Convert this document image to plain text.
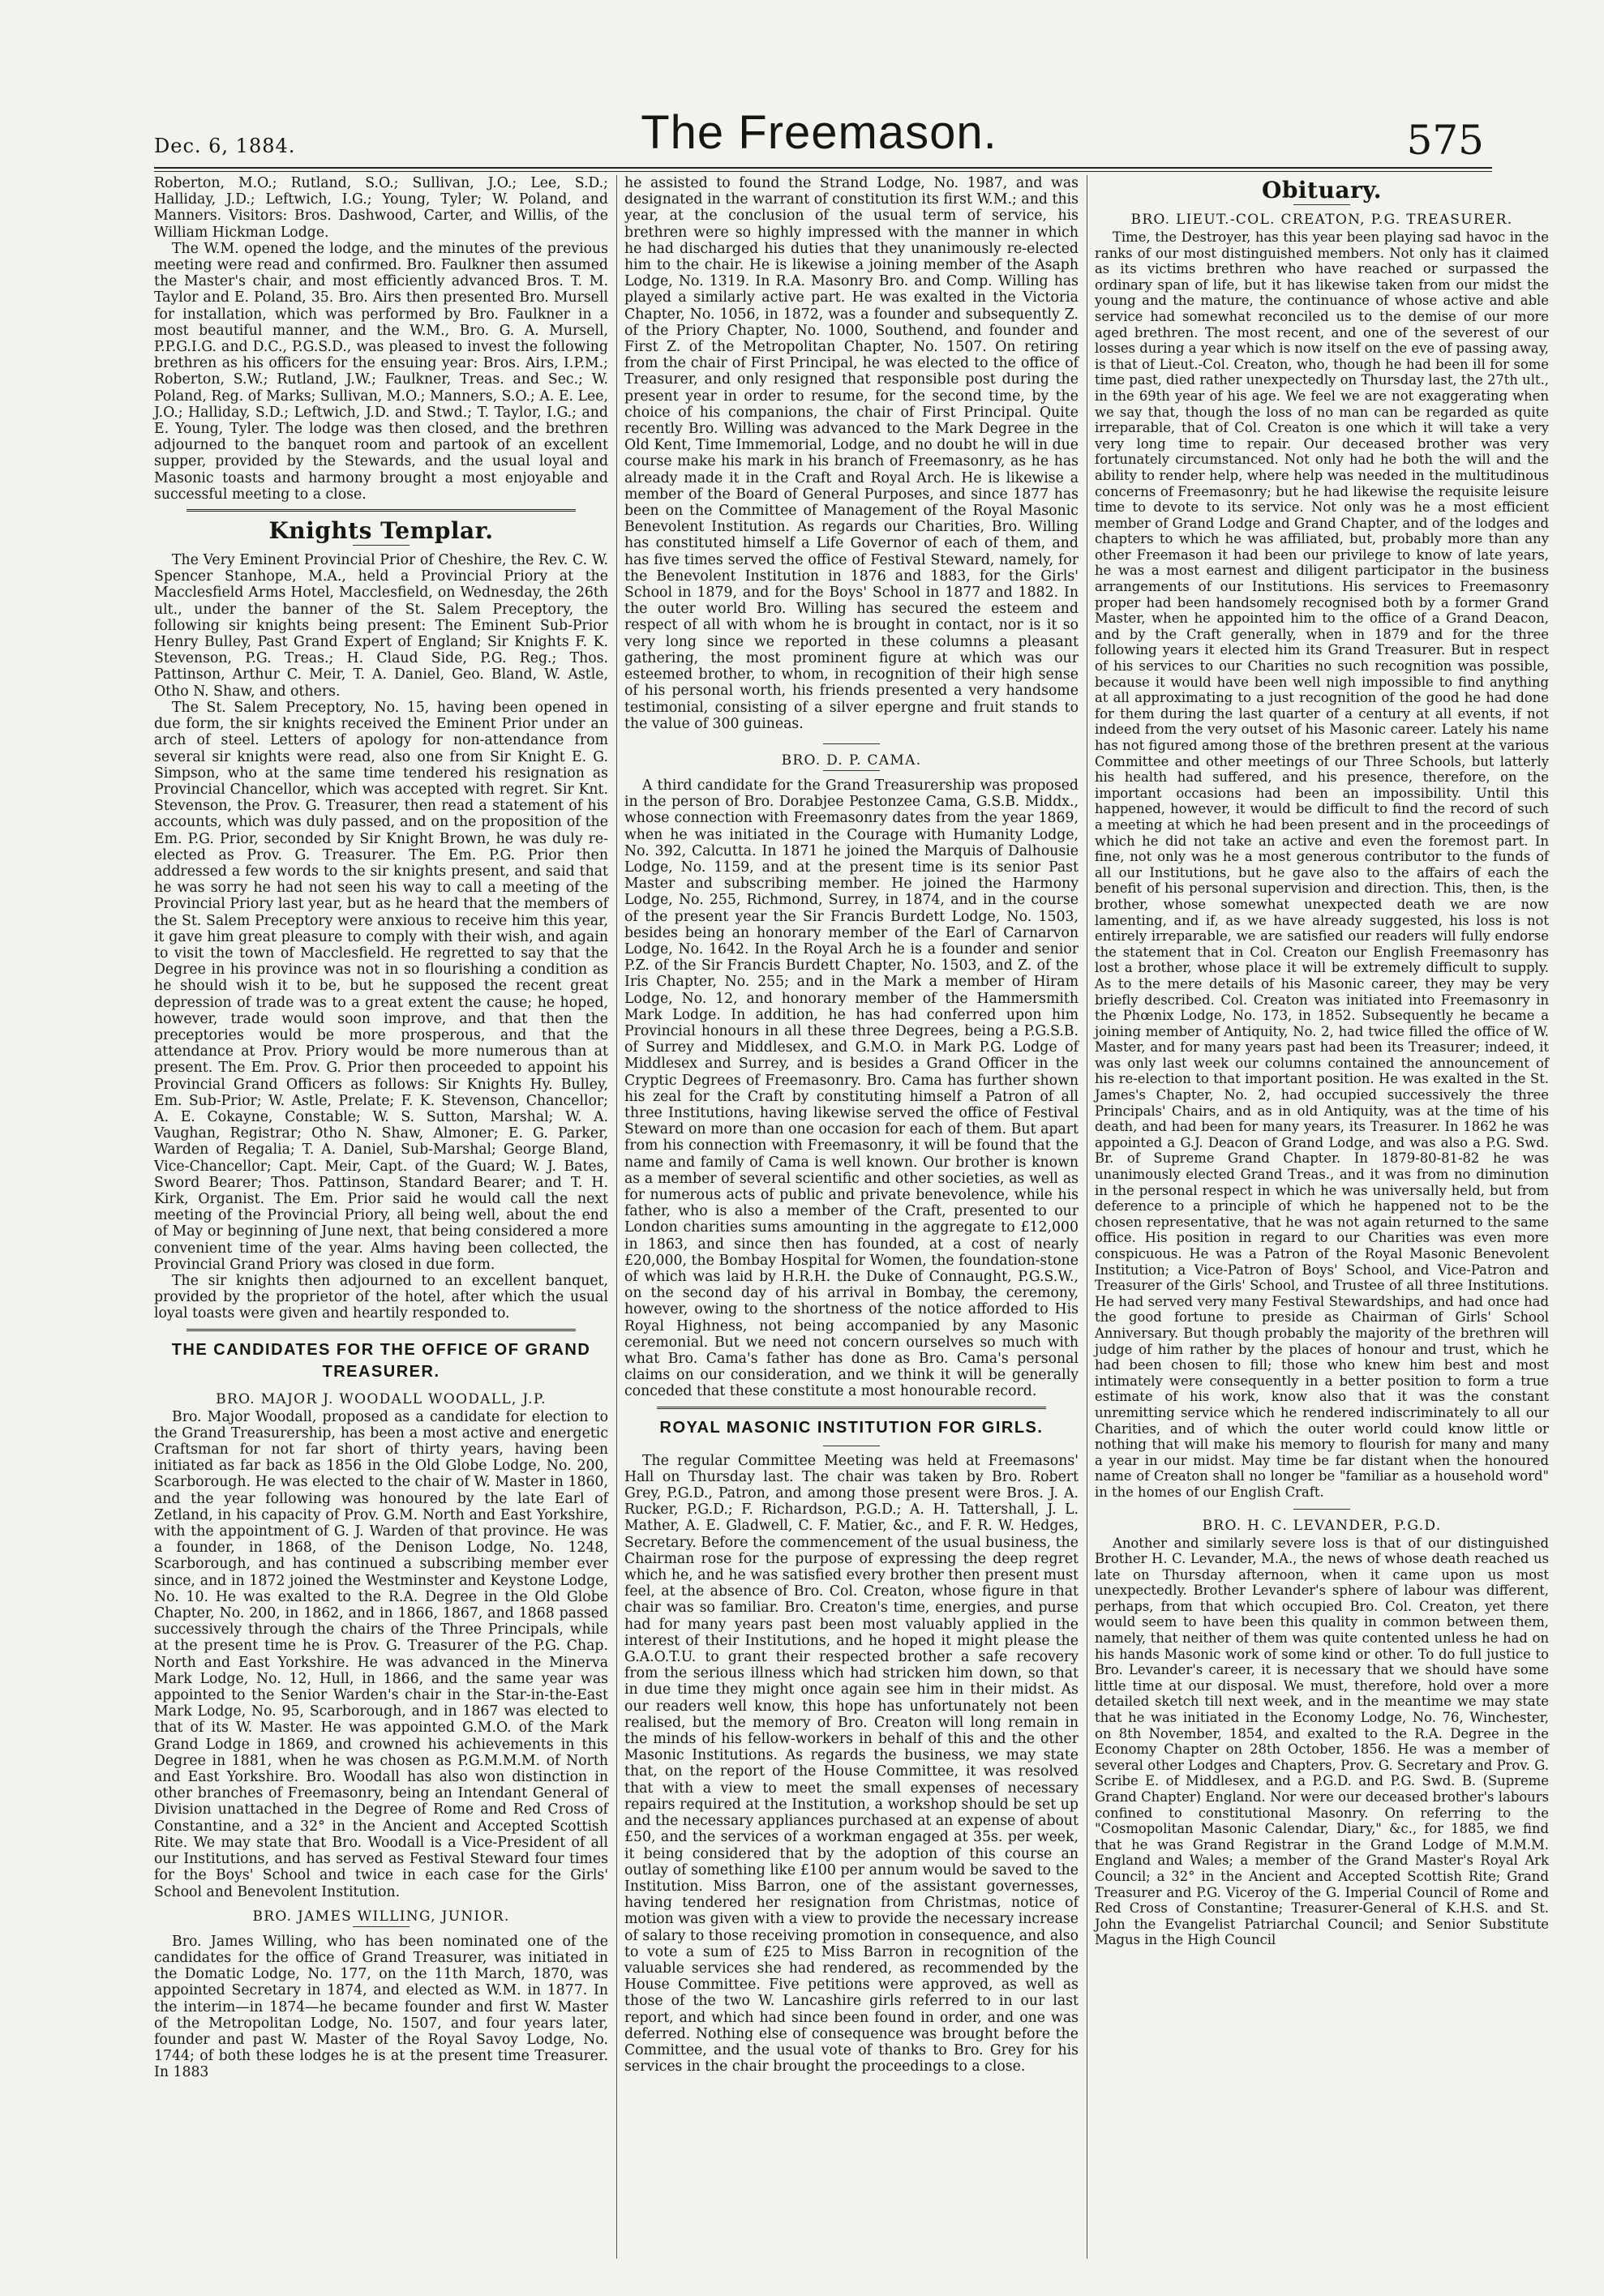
Dec. 6, 1884.	The Freemason.	575

Roberton, M.O.; Rutland, S.O.; Sullivan, J.O.; Lee, S.D.; Halliday, J.D.; Leftwich, I.G.; Young, Tyler; W. Poland, and Manners. Visitors: Bros. Dashwood, Carter, and Willis, of the William Hickman Lodge.

The W.M. opened the lodge, and the minutes of the previous meeting were read and confirmed. Bro. Faulkner then assumed the Master's chair, and most efficiently advanced Bros. T. M. Taylor and E. Poland, 35. Bro. Airs then presented Bro. Mursell for installation, which was performed by Bro. Faulkner in a most beautiful manner, and the W.M., Bro. G. A. Mursell, P.P.G.I.G. and D.C., P.G.S.D., was pleased to invest the following brethren as his officers for the ensuing year: Bros. Airs, I.P.M.; Roberton, S.W.; Rutland, J.W.; Faulkner, Treas. and Sec.; W. Poland, Reg. of Marks; Sullivan, M.O.; Manners, S.O.; A. E. Lee, J.O.; Halliday, S.D.; Leftwich, J.D. and Stwd.; T. Taylor, I.G.; and E. Young, Tyler. The lodge was then closed, and the brethren adjourned to the banquet room and partook of an excellent supper, provided by the Stewards, and the usual loyal and Masonic toasts and harmony brought a most enjoyable and successful meeting to a close.

Knights Templar.

The Very Eminent Provincial Prior of Cheshire, the Rev. C. W. Spencer Stanhope, M.A., held a Provincial Priory at the Macclesfield Arms Hotel, Macclesfield, on Wednesday, the 26th ult., under the banner of the St. Salem Preceptory, the following sir knights being present: The Eminent Sub-Prior Henry Bulley, Past Grand Expert of England; Sir Knights F. K. Stevenson, P.G. Treas.; H. Claud Side, P.G. Reg.; Thos. Pattinson, Arthur C. Meir, T. A. Daniel, Geo. Bland, W. Astle, Otho N. Shaw, and others.

The St. Salem Preceptory, No. 15, having been opened in due form, the sir knights received the Eminent Prior under an arch of steel. Letters of apology for non-attendance from several sir knights were read, also one from Sir Knight E. G. Simpson, who at the same time tendered his resignation as Provincial Chancellor, which was accepted with regret. Sir Knt. Stevenson, the Prov. G. Treasurer, then read a statement of his accounts, which was duly passed, and on the proposition of the Em. P.G. Prior, seconded by Sir Knight Brown, he was duly re-elected as Prov. G. Treasurer. The Em. P.G. Prior then addressed a few words to the sir knights present, and said that he was sorry he had not seen his way to call a meeting of the Provincial Priory last year, but as he heard that the members of the St. Salem Preceptory were anxious to receive him this year, it gave him great pleasure to comply with their wish, and again to visit the town of Macclesfield. He regretted to say that the Degree in his province was not in so flourishing a condition as he should wish it to be, but he supposed the recent great depression of trade was to a great extent the cause; he hoped, however, trade would soon improve, and that then the preceptories would be more prosperous, and that the attendance at Prov. Priory would be more numerous than at present. The Em. Prov. G. Prior then proceeded to appoint his Provincial Grand Officers as follows: Sir Knights Hy. Bulley, Em. Sub-Prior; W. Astle, Prelate; F. K. Stevenson, Chancellor; A. E. Cokayne, Constable; W. S. Sutton, Marshal; W. A. Vaughan, Registrar; Otho N. Shaw, Almoner; E. G. Parker, Warden of Regalia; T. A. Daniel, Sub-Marshal; George Bland, Vice-Chancellor; Capt. Meir, Capt. of the Guard; W. J. Bates, Sword Bearer; Thos. Pattinson, Standard Bearer; and T. H. Kirk, Organist. The Em. Prior said he would call the next meeting of the Provincial Priory, all being well, about the end of May or beginning of June next, that being considered a more convenient time of the year. Alms having been collected, the Provincial Grand Priory was closed in due form.

The sir knights then adjourned to an excellent banquet, provided by the proprietor of the hotel, after which the usual loyal toasts were given and heartily responded to.

THE CANDIDATES FOR THE OFFICE OF GRAND TREASURER.
BRO. MAJOR J. WOODALL WOODALL, J.P.

Bro. Major Woodall, proposed as a candidate for election to the Grand Treasurership, has been a most active and energetic Craftsman for not far short of thirty years, having been initiated as far back as 1856 in the Old Globe Lodge, No. 200, Scarborough. He was elected to the chair of W. Master in 1860, and the year following was honoured by the late Earl of Zetland, in his capacity of Prov. G.M. North and East Yorkshire, with the appointment of G. J. Warden of that province. He was a founder, in 1868, of the Denison Lodge, No. 1248, Scarborough, and has continued a subscribing member ever since, and in 1872 joined the Westminster and Keystone Lodge, No. 10. He was exalted to the R.A. Degree in the Old Globe Chapter, No. 200, in 1862, and in 1866, 1867, and 1868 passed successively through the chairs of the Three Principals, while at the present time he is Prov. G. Treasurer of the P.G. Chap. North and East Yorkshire. He was advanced in the Minerva Mark Lodge, No. 12, Hull, in 1866, and the same year was appointed to the Senior Warden's chair in the Star-in-the-East Mark Lodge, No. 95, Scarborough, and in 1867 was elected to that of its W. Master. He was appointed G.M.O. of the Mark Grand Lodge in 1869, and crowned his achievements in this Degree in 1881, when he was chosen as P.G.M.M.M. of North and East Yorkshire. Bro. Woodall has also won distinction in other branches of Freemasonry, being an Intendant General of Division unattached in the Degree of Rome and Red Cross of Constantine, and a 32° in the Ancient and Accepted Scottish Rite. We may state that Bro. Woodall is a Vice-President of all our Institutions, and has served as Festival Steward four times for the Boys' School and twice in each case for the Girls' School and Benevolent Institution.

BRO. JAMES WILLING, JUNIOR.

Bro. James Willing, who has been nominated one of the candidates for the office of Grand Treasurer, was initiated in the Domatic Lodge, No. 177, on the 11th March, 1870, was appointed Secretary in 1874, and elected as W.M. in 1877. In the interim—in 1874—he became founder and first W. Master of the Metropolitan Lodge, No. 1507, and four years later, founder and past W. Master of the Royal Savoy Lodge, No. 1744; of both these lodges he is at the present time Treasurer. In 1883

he assisted to found the Strand Lodge, No. 1987, and was designated in the warrant of constitution its first W.M.; and this year, at the conclusion of the usual term of service, his brethren were so highly impressed with the manner in which he had discharged his duties that they unanimously re-elected him to the chair. He is likewise a joining member of the Asaph Lodge, No. 1319. In R.A. Masonry Bro. and Comp. Willing has played a similarly active part. He was exalted in the Victoria Chapter, No. 1056, in 1872, was a founder and subsequently Z. of the Priory Chapter, No. 1000, Southend, and founder and First Z. of the Metropolitan Chapter, No. 1507. On retiring from the chair of First Principal, he was elected to the office of Treasurer, and only resigned that responsible post during the present year in order to resume, for the second time, by the choice of his companions, the chair of First Principal. Quite recently Bro. Willing was advanced to the Mark Degree in the Old Kent, Time Immemorial, Lodge, and no doubt he will in due course make his mark in his branch of Freemasonry, as he has already made it in the Craft and Royal Arch. He is likewise a member of the Board of General Purposes, and since 1877 has been on the Committee of Management of the Royal Masonic Benevolent Institution. As regards our Charities, Bro. Willing has constituted himself a Life Governor of each of them, and has five times served the office of Festival Steward, namely, for the Benevolent Institution in 1876 and 1883, for the Girls' School in 1879, and for the Boys' School in 1877 and 1882. In the outer world Bro. Willing has secured the esteem and respect of all with whom he is brought in contact, nor is it so very long since we reported in these columns a pleasant gathering, the most prominent figure at which was our esteemed brother, to whom, in recognition of their high sense of his personal worth, his friends presented a very handsome testimonial, consisting of a silver epergne and fruit stands to the value of 300 guineas.

BRO. D. P. CAMA.

A third candidate for the Grand Treasurership was proposed in the person of Bro. Dorabjee Pestonzee Cama, G.S.B. Middx., whose connection with Freemasonry dates from the year 1869, when he was initiated in the Courage with Humanity Lodge, No. 392, Calcutta. In 1871 he joined the Marquis of Dalhousie Lodge, No. 1159, and at the present time is its senior Past Master and subscribing member. He joined the Harmony Lodge, No. 255, Richmond, Surrey, in 1874, and in the course of the present year the Sir Francis Burdett Lodge, No. 1503, besides being an honorary member of the Earl of Carnarvon Lodge, No. 1642. In the Royal Arch he is a founder and senior P.Z. of the Sir Francis Burdett Chapter, No. 1503, and Z. of the Iris Chapter, No. 255; and in the Mark a member of Hiram Lodge, No. 12, and honorary member of the Hammersmith Mark Lodge. In addition, he has had conferred upon him Provincial honours in all these three Degrees, being a P.G.S.B. of Surrey and Middlesex, and G.M.O. in Mark P.G. Lodge of Middlesex and Surrey, and is besides a Grand Officer in the Cryptic Degrees of Freemasonry. Bro. Cama has further shown his zeal for the Craft by constituting himself a Patron of all three Institutions, having likewise served the office of Festival Steward on more than one occasion for each of them. But apart from his connection with Freemasonry, it will be found that the name and family of Cama is well known. Our brother is known as a member of several scientific and other societies, as well as for numerous acts of public and private benevolence, while his father, who is also a member of the Craft, presented to our London charities sums amounting in the aggregate to £12,000 in 1863, and since then has founded, at a cost of nearly £20,000, the Bombay Hospital for Women, the foundation-stone of which was laid by H.R.H. the Duke of Connaught, P.G.S.W., on the second day of his arrival in Bombay, the ceremony, however, owing to the shortness of the notice afforded to His Royal Highness, not being accompanied by any Masonic ceremonial. But we need not concern ourselves so much with what Bro. Cama's father has done as Bro. Cama's personal claims on our consideration, and we think it will be generally conceded that these constitute a most honourable record.

ROYAL MASONIC INSTITUTION FOR GIRLS.

The regular Committee Meeting was held at Freemasons' Hall on Thursday last. The chair was taken by Bro. Robert Grey, P.G.D., Patron, and among those present were Bros. J. A. Rucker, P.G.D.; F. Richardson, P.G.D.; A. H. Tattershall, J. L. Mather, A. E. Gladwell, C. F. Matier, &c., and F. R. W. Hedges, Secretary. Before the commencement of the usual business, the Chairman rose for the purpose of expressing the deep regret which he, and he was satisfied every brother then present must feel, at the absence of Bro. Col. Creaton, whose figure in that chair was so familiar. Bro. Creaton's time, energies, and purse had for many years past been most valuably applied in the interest of their Institutions, and he hoped it might please the G.A.O.T.U. to grant their respected brother a safe recovery from the serious illness which had stricken him down, so that in due time they might once again see him in their midst. As our readers well know, this hope has unfortunately not been realised, but the memory of Bro. Creaton will long remain in the minds of his fellow-workers in behalf of this and the other Masonic Institutions. As regards the business, we may state that, on the report of the House Committee, it was resolved that with a view to meet the small expenses of necessary repairs required at the Institution, a workshop should be set up and the necessary appliances purchased at an expense of about £50, and the services of a workman engaged at 35s. per week, it being considered that by the adoption of this course an outlay of something like £100 per annum would be saved to the Institution. Miss Barron, one of the assistant governesses, having tendered her resignation from Christmas, notice of motion was given with a view to provide the necessary increase of salary to those receiving promotion in consequence, and also to vote a sum of £25 to Miss Barron in recognition of the valuable services she had rendered, as recommended by the House Committee. Five petitions were approved, as well as those of the two W. Lancashire girls referred to in our last report, and which had since been found in order, and one was deferred. Nothing else of consequence was brought before the Committee, and the usual vote of thanks to Bro. Grey for his services in the chair brought the proceedings to a close.

Obituary.
BRO. LIEUT.-COL. CREATON, P.G. TREASURER.

Time, the Destroyer, has this year been playing sad havoc in the ranks of our most distinguished members. Not only has it claimed as its victims brethren who have reached or surpassed the ordinary span of life, but it has likewise taken from our midst the young and the mature, the continuance of whose active and able service had somewhat reconciled us to the demise of our more aged brethren. The most recent, and one of the severest of our losses during a year which is now itself on the eve of passing away, is that of Lieut.-Col. Creaton, who, though he had been ill for some time past, died rather unexpectedly on Thursday last, the 27th ult., in the 69th year of his age. We feel we are not exaggerating when we say that, though the loss of no man can be regarded as quite irreparable, that of Col. Creaton is one which it will take a very very long time to repair. Our deceased brother was very fortunately circumstanced. Not only had he both the will and the ability to render help, where help was needed in the multitudinous concerns of Freemasonry; but he had likewise the requisite leisure time to devote to its service. Not only was he a most efficient member of Grand Lodge and Grand Chapter, and of the lodges and chapters to which he was affiliated, but, probably more than any other Freemason it had been our privilege to know of late years, he was a most earnest and diligent participator in the business arrangements of our Institutions. His services to Freemasonry proper had been handsomely recognised both by a former Grand Master, when he appointed him to the office of a Grand Deacon, and by the Craft generally, when in 1879 and for the three following years it elected him its Grand Treasurer. But in respect of his services to our Charities no such recognition was possible, because it would have been well nigh impossible to find anything at all approximating to a just recognition of the good he had done for them during the last quarter of a century at all events, if not indeed from the very outset of his Masonic career. Lately his name has not figured among those of the brethren present at the various Committee and other meetings of our Three Schools, but latterly his health had suffered, and his presence, therefore, on the important occasions had been an impossibility. Until this happened, however, it would be difficult to find the record of such a meeting at which he had been present and in the proceedings of which he did not take an active and even the foremost part. In fine, not only was he a most generous contributor to the funds of all our Institutions, but he gave also to the affairs of each the benefit of his personal supervision and direction. This, then, is the brother, whose somewhat unexpected death we are now lamenting, and if, as we have already suggested, his loss is not entirely irreparable, we are satisfied our readers will fully endorse the statement that in Col. Creaton our English Freemasonry has lost a brother, whose place it will be extremely difficult to supply. As to the mere details of his Masonic career, they may be very briefly described. Col. Creaton was initiated into Freemasonry in the Phœnix Lodge, No. 173, in 1852. Subsequently he became a joining member of Antiquity, No. 2, had twice filled the office of W. Master, and for many years past had been its Treasurer; indeed, it was only last week our columns contained the announcement of his re-election to that important position. He was exalted in the St. James's Chapter, No. 2, had occupied successively the three Principals' Chairs, and as in old Antiquity, was at the time of his death, and had been for many years, its Treasurer. In 1862 he was appointed a G.J. Deacon of Grand Lodge, and was also a P.G. Swd. Br. of Supreme Grand Chapter. In 1879-80-81-82 he was unanimously elected Grand Treas., and it was from no diminution in the personal respect in which he was universally held, but from deference to a principle of which he happened not to be the chosen representative, that he was not again returned to the same office. His position in regard to our Charities was even more conspicuous. He was a Patron of the Royal Masonic Benevolent Institution; a Vice-Patron of Boys' School, and Vice-Patron and Treasurer of the Girls' School, and Trustee of all three Institutions. He had served very many Festival Stewardships, and had once had the good fortune to preside as Chairman of Girls' School Anniversary. But though probably the majority of the brethren will judge of him rather by the places of honour and trust, which he had been chosen to fill; those who knew him best and most intimately were consequently in a better position to form a true estimate of his work, know also that it was the constant unremitting service which he rendered indiscriminately to all our Charities, and of which the outer world could know little or nothing that will make his memory to flourish for many and many a year in our midst. May time be far distant when the honoured name of Creaton shall no longer be "familiar as a household word" in the homes of our English Craft.

BRO. H. C. LEVANDER, P.G.D.

Another and similarly severe loss is that of our distinguished Brother H. C. Levander, M.A., the news of whose death reached us late on Thursday afternoon, when it came upon us most unexpectedly. Brother Levander's sphere of labour was different, perhaps, from that which occupied Bro. Col. Creaton, yet there would seem to have been this quality in common between them, namely, that neither of them was quite contented unless he had on his hands Masonic work of some kind or other. To do full justice to Bro. Levander's career, it is necessary that we should have some little time at our disposal. We must, therefore, hold over a more detailed sketch till next week, and in the meantime we may state that he was initiated in the Economy Lodge, No. 76, Winchester, on 8th November, 1854, and exalted to the R.A. Degree in the Economy Chapter on 28th October, 1856. He was a member of several other Lodges and Chapters, Prov. G. Secretary and Prov. G. Scribe E. of Middlesex, and a P.G.D. and P.G. Swd. B. (Supreme Grand Chapter) England. Nor were our deceased brother's labours confined to constitutional Masonry. On referring to the "Cosmopolitan Masonic Calendar, Diary," &c., for 1885, we find that he was Grand Registrar in the Grand Lodge of M.M.M. England and Wales; a member of the Grand Master's Royal Ark Council; a 32° in the Ancient and Accepted Scottish Rite; Grand Treasurer and P.G. Viceroy of the G. Imperial Council of Rome and Red Cross of Constantine; Treasurer-General of K.H.S. and St. John the Evangelist Patriarchal Council; and Senior Substitute Magus in the High Council
